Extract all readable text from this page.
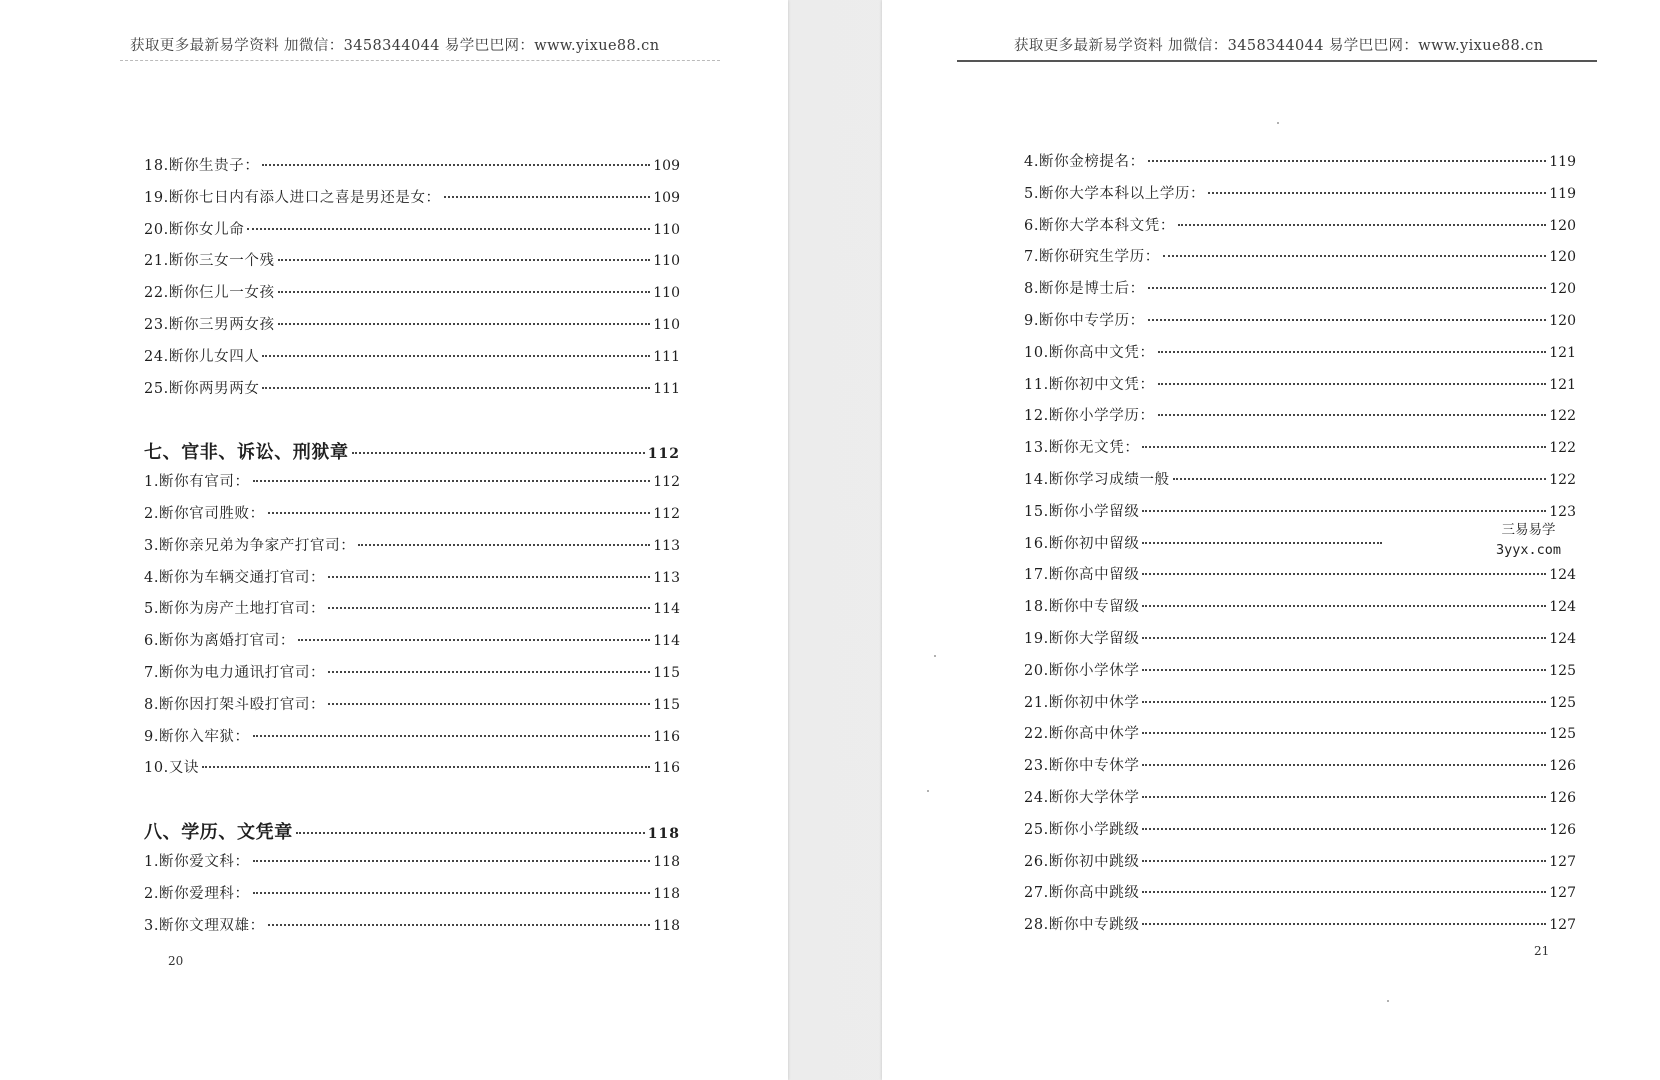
获取更多最新易学资料 加微信：3458344044 易学巴巴网：www.yixue88.cn
18.断你生贵子：	109
19.断你七日内有添人进口之喜是男还是女：	109
20.断你女儿命	110
21.断你三女一个残	110
22.断你仨儿一女孩	110
23.断你三男两女孩	110
24.断你儿女四人	111
25.断你两男两女	111
七、官非、诉讼、刑狱章	112
1.断你有官司：	112
2.断你官司胜败：	112
3.断你亲兄弟为争家产打官司：	113
4.断你为车辆交通打官司：	113
5.断你为房产土地打官司：	114
6.断你为离婚打官司：	114
7.断你为电力通讯打官司：	115
8.断你因打架斗殴打官司：	115
9.断你入牢狱：	116
10.又诀	116
八、学历、文凭章	118
1.断你爱文科：	118
2.断你爱理科：	118
3.断你文理双雄：	118
20
获取更多最新易学资料 加微信：3458344044 易学巴巴网：www.yixue88.cn
4.断你金榜提名：	119
5.断你大学本科以上学历：	119
6.断你大学本科文凭：	120
7.断你研究生学历：	120
8.断你是博士后：	120
9.断你中专学历：	120
10.断你高中文凭：	121
11.断你初中文凭：	121
12.断你小学学历：	122
13.断你无文凭：	122
14.断你学习成绩一般	122
15.断你小学留级	123
16.断你初中留级
17.断你高中留级	124
18.断你中专留级	124
19.断你大学留级	124
20.断你小学休学	125
21.断你初中休学	125
22.断你高中休学	125
23.断你中专休学	126
24.断你大学休学	126
25.断你小学跳级	126
26.断你初中跳级	127
27.断你高中跳级	127
28.断你中专跳级	127
三易易学
3yyx.com
21
